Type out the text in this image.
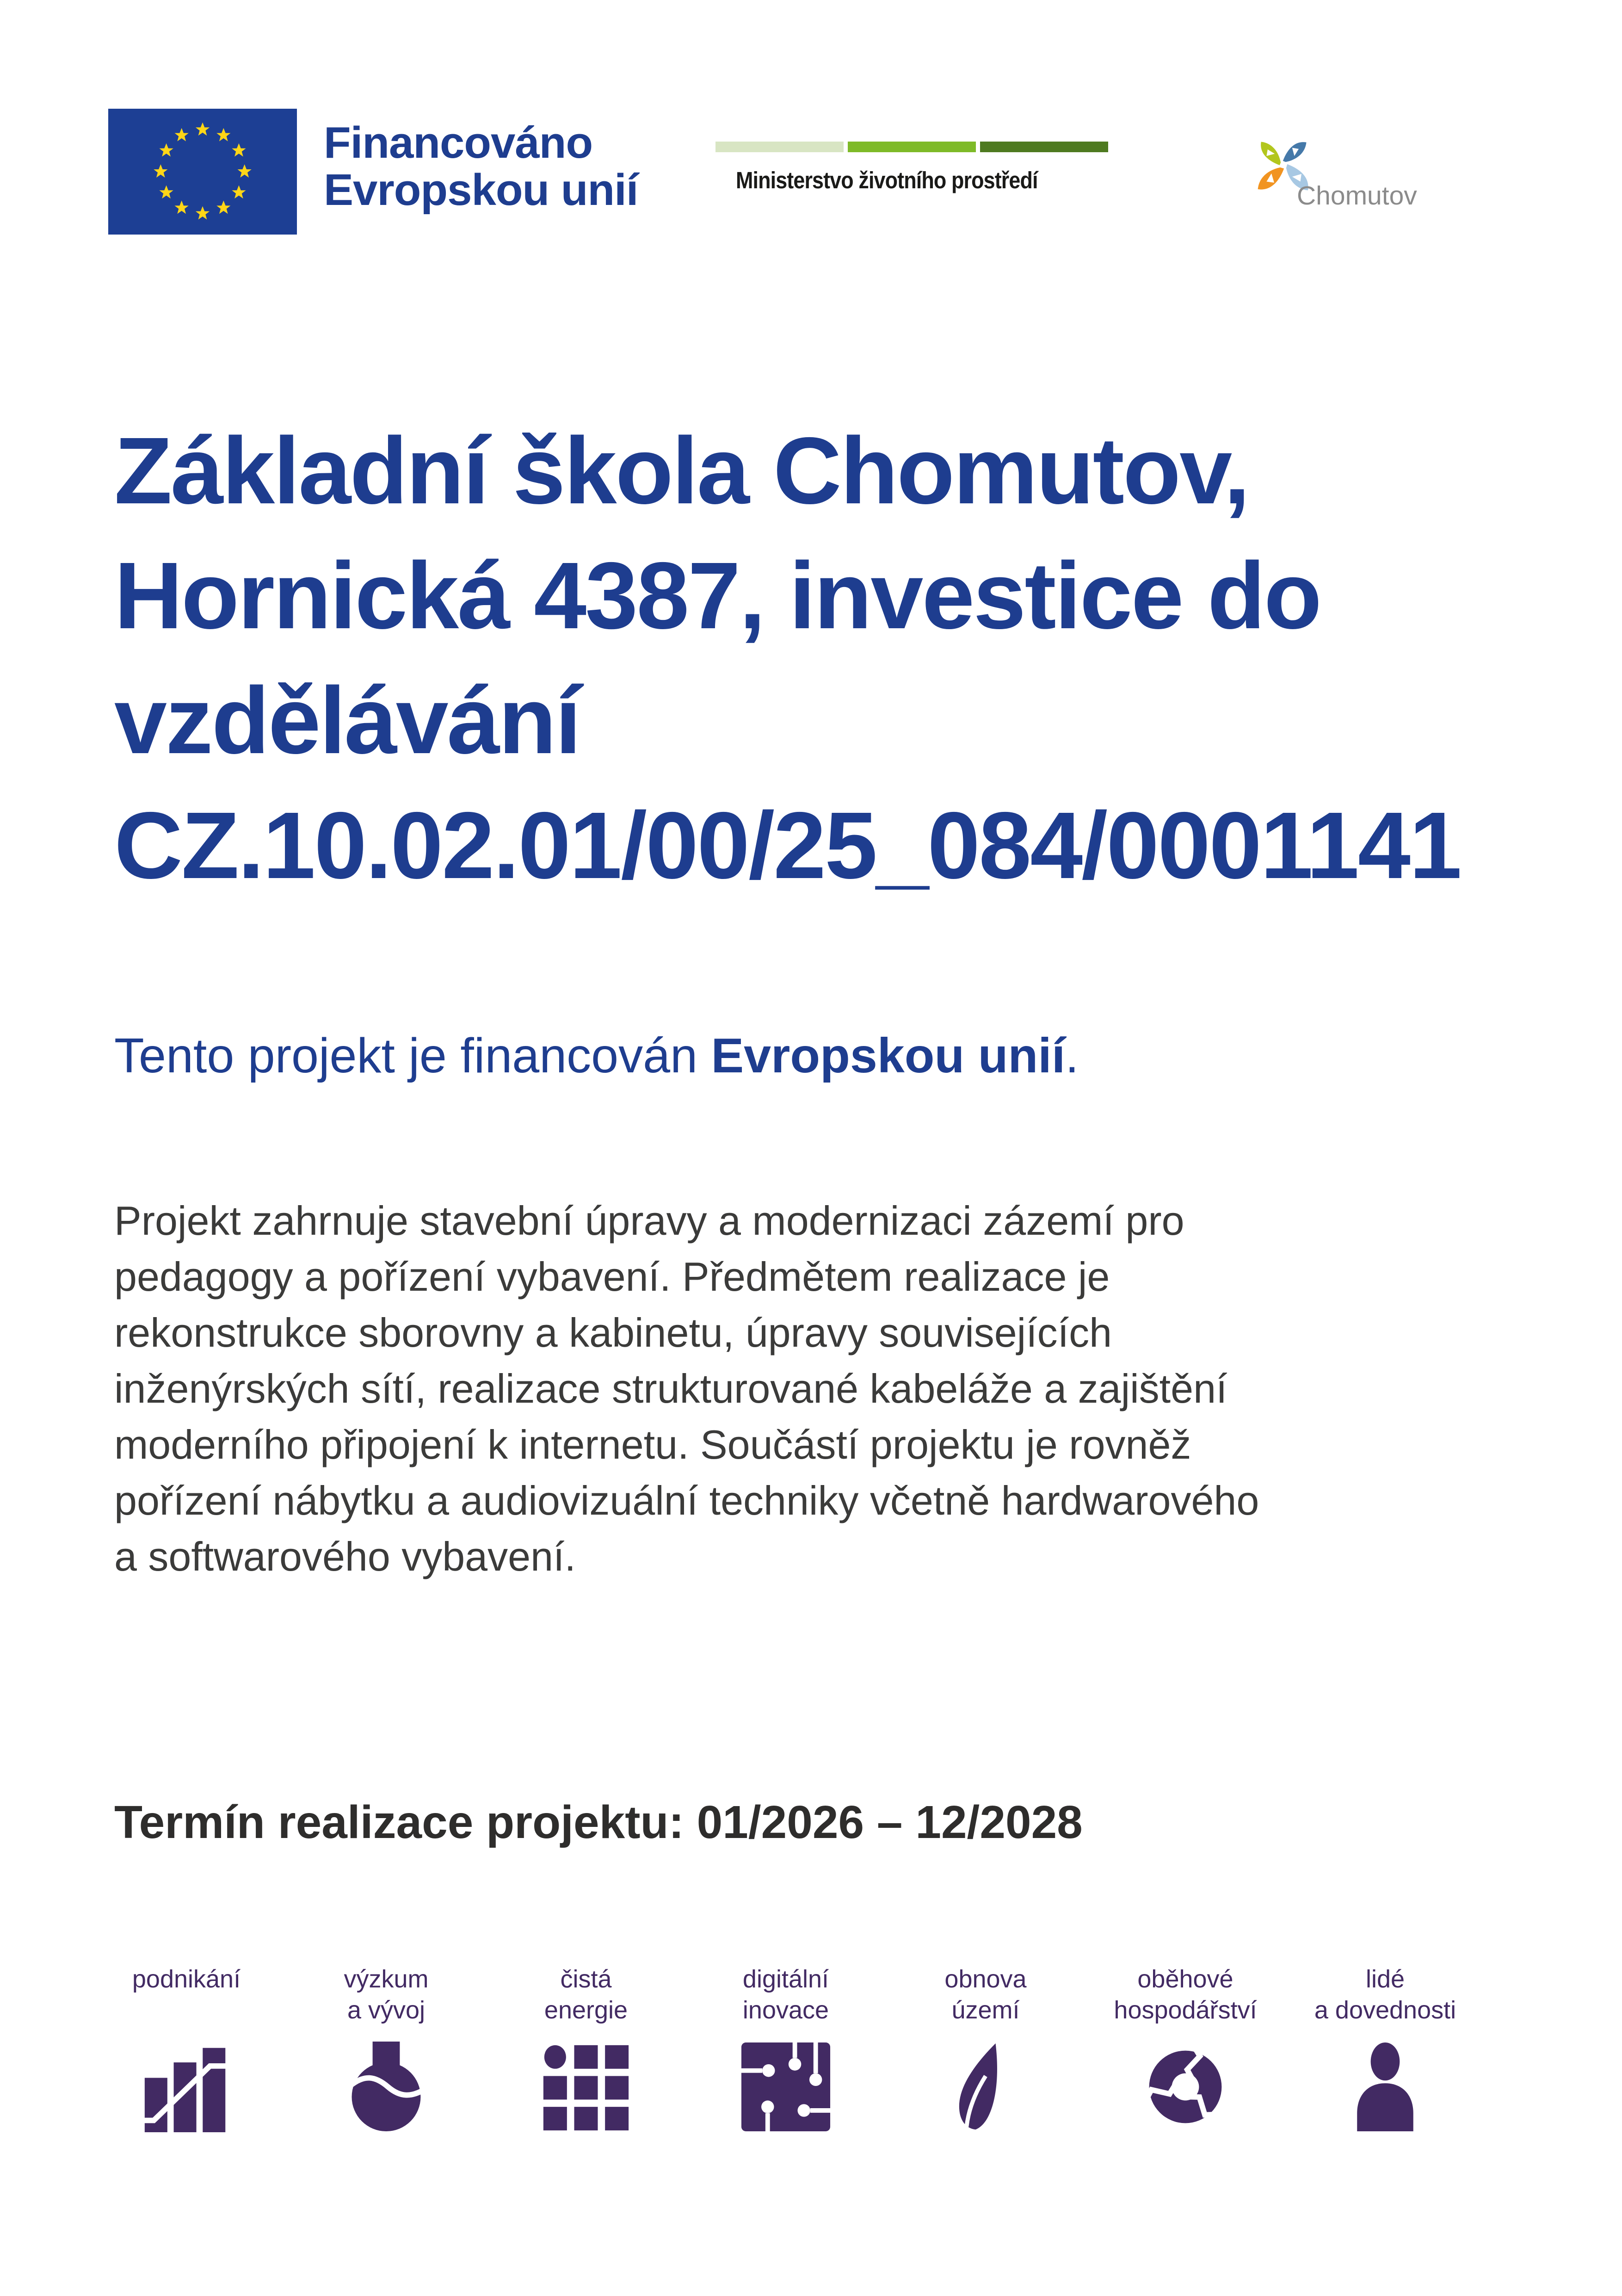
Financováno
Evropskou unií	Ministerstvo životního prostředí
Chomutov
Základní škola Chomutov,
Hornická 4387, investice do
vzdělávání
CZ.10.02.01/00/25_084/0001141
Tento projekt je financován Evropskou unií.
Projekt zahrnuje stavební úpravy a modernizaci zázemí pro
pedagogy a pořízení vybavení. Předmětem realizace je
rekonstrukce sborovny a kabinetu, úpravy souvisejících
inženýrských sítí, realizace strukturované kabeláže a zajištění
moderního připojení k internetu. Součástí projektu je rovněž
pořízení nábytku a audiovizuální techniky včetně hardwarového
a softwarového vybavení.
Termín realizace projektu: 01/2026 – 12/2028
podnikání	výzkum
a vývoj
čistá
energie
digitální
inovace
obnova
území
oběhové
hospodářství
lidé
a dovednosti
